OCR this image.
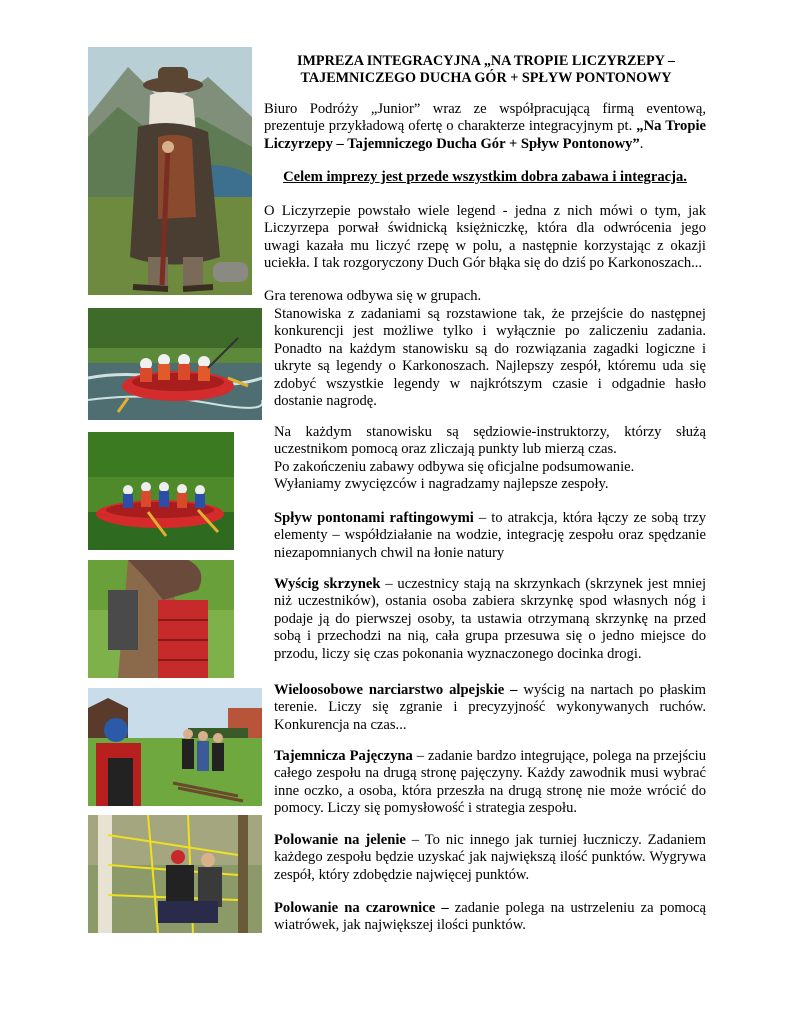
IMPREZA INTEGRACYJNA „NA TROPIE LICZYRZEPY –
TAJEMNICZEGO DUCHA GÓR + SPŁYW PONTONOWY
Biuro Podróży „Junior” wraz ze współpracującą firmą eventową, prezentuje przykładową ofertę o charakterze integracyjnym pt. „Na Tropie Liczyrzepy – Tajemniczego Ducha Gór + Spływ Pontonowy”.
Celem imprezy jest przede wszystkim dobra zabawa i integracja.
O Liczyrzepie powstało wiele legend - jedna z nich mówi o tym, jak Liczyrzepa porwał świdnicką księżniczkę, która dla odwrócenia jego uwagi kazała mu liczyć rzepę w polu, a następnie korzystając z okazji uciekła. I tak rozgoryczony Duch Gór błąka się do dziś po Karkonoszach...
Gra terenowa odbywa się w grupach.
Stanowiska z zadaniami są rozstawione tak, że przejście do następnej konkurencji jest możliwe tylko i wyłącznie po zaliczeniu zadania. Ponadto na każdym stanowisku są do rozwiązania zagadki logiczne i ukryte są legendy o Karkonoszach. Najlepszy zespół, któremu uda się zdobyć wszystkie legendy w najkrótszym czasie i odgadnie hasło dostanie nagrodę.
Na każdym stanowisku są sędziowie-instruktorzy, którzy służą uczestnikom pomocą oraz zliczają punkty lub mierzą czas.
Po zakończeniu zabawy odbywa się oficjalne podsumowanie.
Wyłaniamy zwycięzców i nagradzamy najlepsze zespoły.
Spływ pontonami raftingowymi – to atrakcja, która łączy ze sobą trzy elementy – współdziałanie na wodzie, integrację zespołu oraz spędzanie niezapomnianych chwil na łonie natury
Wyścig skrzynek – uczestnicy stają na skrzynkach (skrzynek jest mniej niż uczestników), ostania osoba zabiera skrzynkę spod własnych nóg i podaje ją do pierwszej osoby, ta ustawia otrzymaną skrzynkę na przed sobą i przechodzi na nią, cała grupa przesuwa się o jedno miejsce do przodu, liczy się czas pokonania wyznaczonego docinka drogi.
Wieloosobowe narciarstwo alpejskie – wyścig na nartach po płaskim terenie. Liczy się zgranie i precyzyjność wykonywanych ruchów. Konkurencja na czas...
Tajemnicza Pajęczyna – zadanie bardzo integrujące, polega na przejściu całego zespołu na drugą stronę pajęczyny. Każdy zawodnik musi wybrać inne oczko, a osoba, która przeszła na drugą stronę nie może wrócić do pomocy. Liczy się pomysłowość i strategia zespołu.
Polowanie na jelenie – To nic innego jak turniej łuczniczy. Zadaniem każdego zespołu będzie uzyskać jak największą ilość punktów. Wygrywa zespół, który zdobędzie najwięcej punktów.
Polowanie na czarownice – zadanie polega na ustrzeleniu za pomocą wiatrówek, jak największej ilości punktów.
